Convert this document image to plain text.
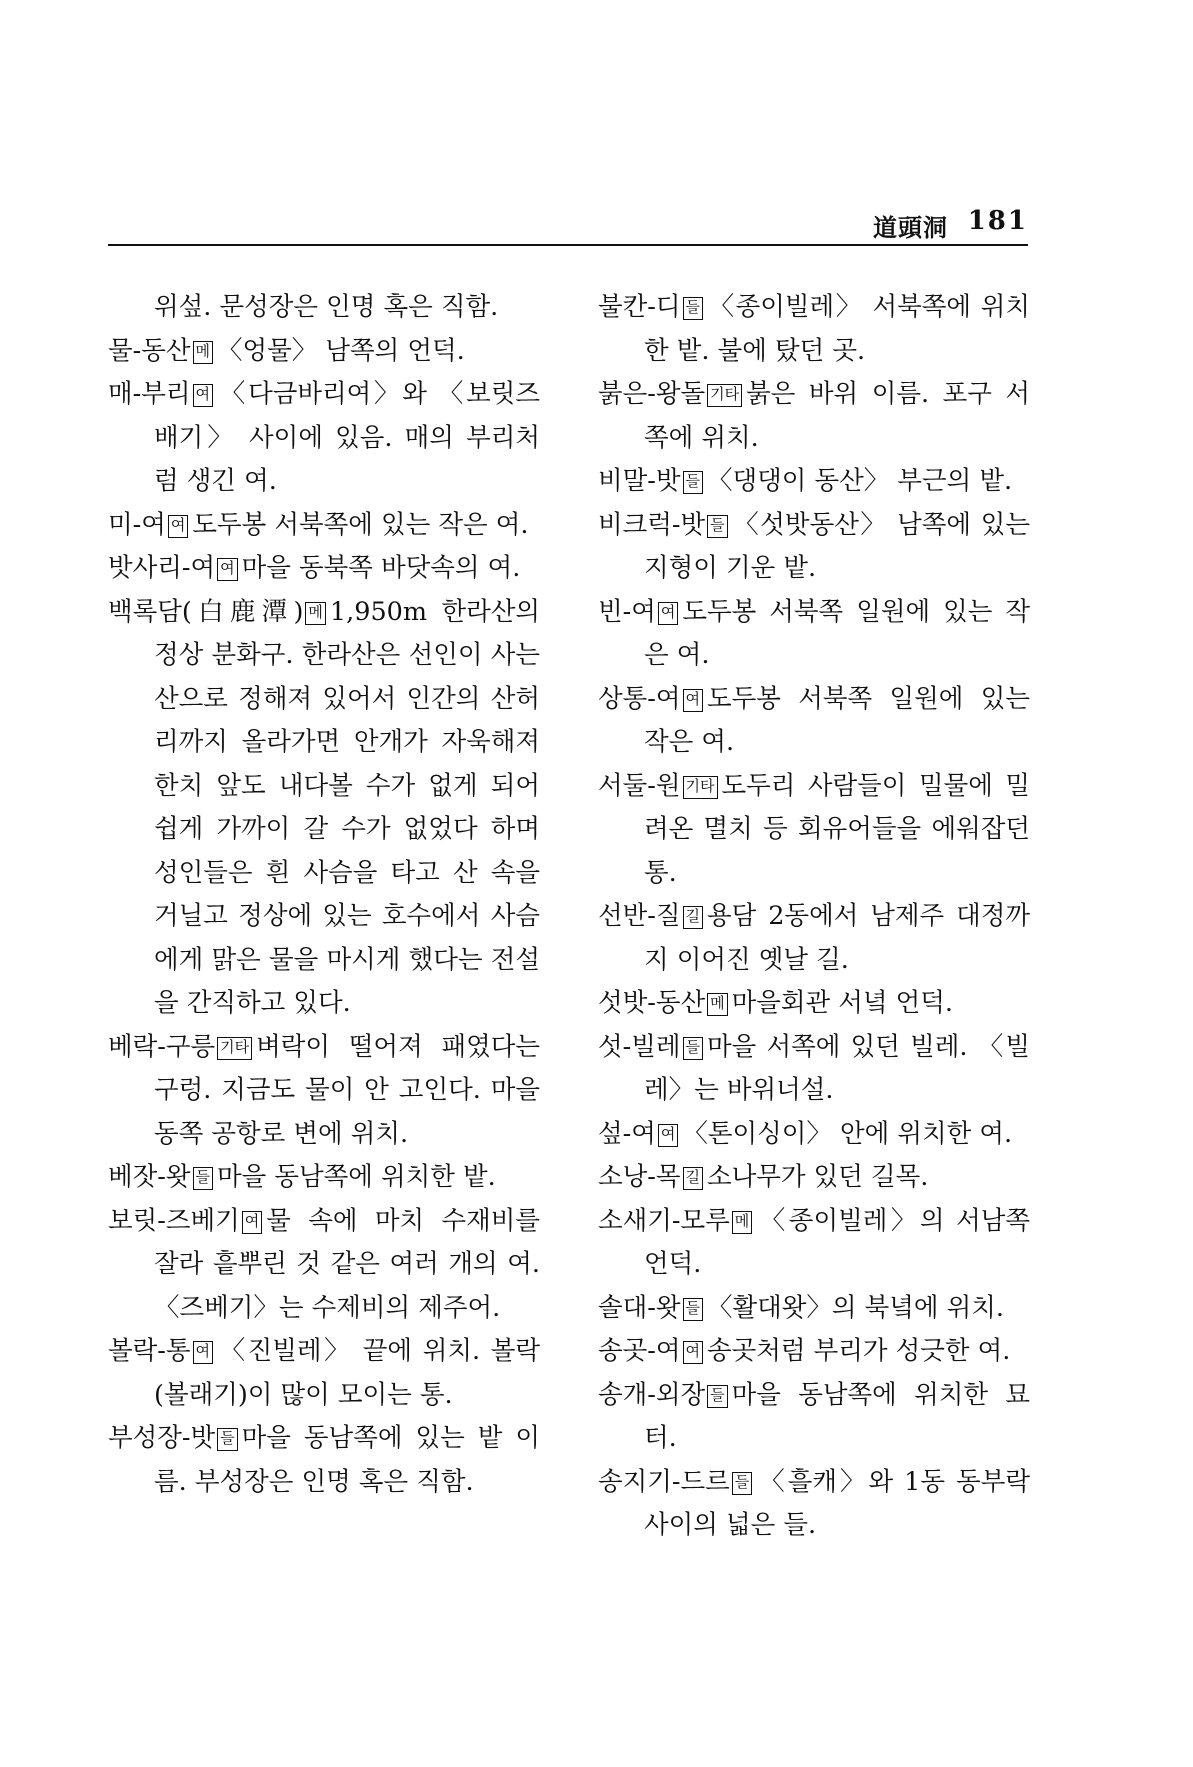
道頭洞 181

위섶. 문성장은 인명 혹은 직함.

물-동산 메 〈엉물〉 남쪽의 언덕.

매-부리 여 〈다금바리여〉와 〈보릿즈배기〉 사이에 있음. 매의 부리처럼 생긴 여.

미-여 여 도두봉 서북쪽에 있는 작은 여.

밧사리-여 여 마을 동북쪽 바닷속의 여.

백록담(白鹿潭) 메 1,950m 한라산의 정상 분화구. 한라산은 선인이 사는 산으로 정해져 있어서 인간의 산허리까지 올라가면 안개가 자욱해져 한치 앞도 내다볼 수가 없게 되어 쉽게 가까이 갈 수가 없었다 하며 성인들은 흰 사슴을 타고 산 속을 거닐고 정상에 있는 호수에서 사슴에게 맑은 물을 마시게 했다는 전설을 간직하고 있다.

베락-구릉 기타 벼락이 떨어져 패였다는 구렁. 지금도 물이 안 고인다. 마을 동쪽 공항로 변에 위치.

베잣-왓 들 마을 동남쪽에 위치한 밭.

보릿-즈베기 여 물 속에 마치 수재비를 잘라 흩뿌린 것 같은 여러 개의 여. 〈즈베기〉는 수제비의 제주어.

볼락-통 여 〈진빌레〉 끝에 위치. 볼락(볼래기)이 많이 모이는 통.

부성장-밧 들 마을 동남쪽에 있는 밭 이름. 부성장은 인명 혹은 직함.

불칸-디 들 〈종이빌레〉 서북쪽에 위치한 밭. 불에 탔던 곳.

붉은-왕돌 기타 붉은 바위 이름. 포구 서쪽에 위치.

비말-밧 들 〈댕댕이 동산〉 부근의 밭.

비크럭-밧 들 〈섯밧동산〉 남쪽에 있는 지형이 기운 밭.

빈-여 여 도두봉 서북쪽 일원에 있는 작은 여.

상통-여 여 도두봉 서북쪽 일원에 있는 작은 여.

서둘-원 기타 도두리 사람들이 밀물에 밀려온 멸치 등 회유어들을 에워잡던 통.

선반-질 길 용담 2동에서 남제주 대정까지 이어진 옛날 길.

섯밧-동산 메 마을회관 서녘 언덕.

섯-빌레 들 마을 서쪽에 있던 빌레. 〈빌레〉는 바위너설.

섶-여 여 〈톤이싱이〉 안에 위치한 여.

소낭-목 길 소나무가 있던 길목.

소새기-모루 메 〈종이빌레〉의 서남쪽 언덕.

솔대-왓 들 〈활대왓〉의 북녘에 위치.

송곳-여 여 송곳처럼 부리가 성긋한 여.

송개-외장 들 마을 동남쪽에 위치한 묘터.

송지기-드르 들 〈흘캐〉와 1동 동부락 사이의 넓은 들.
